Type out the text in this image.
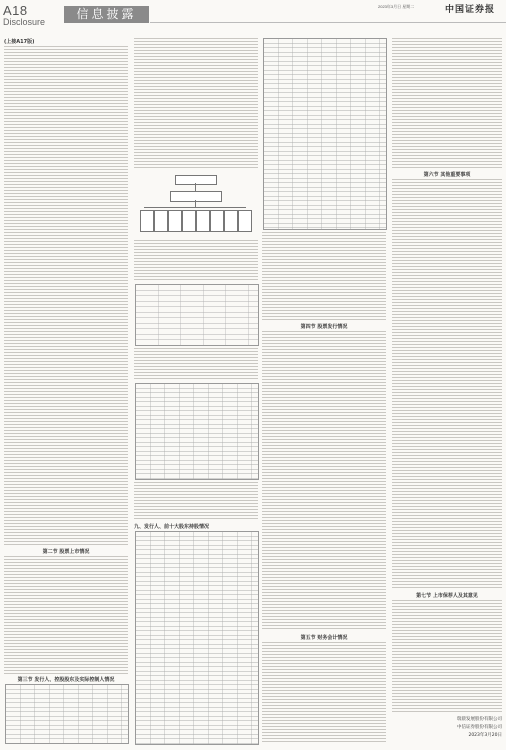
A18
Disclosure
信息披露
2023年3月日 星期二	中国证券报
(上接A17版)
第二节 股票上市情况
第三节 发行人、控股股东及实际控制人情况
九、发行人、前十大股东持股情况
第四节 股票发行情况
第五节 财务会计情况
第六节 其他重要事项
第七节 上市保荐人及其意见
瑞晨发展股份有限公司
中信证券股份有限公司
2023年3月20日
